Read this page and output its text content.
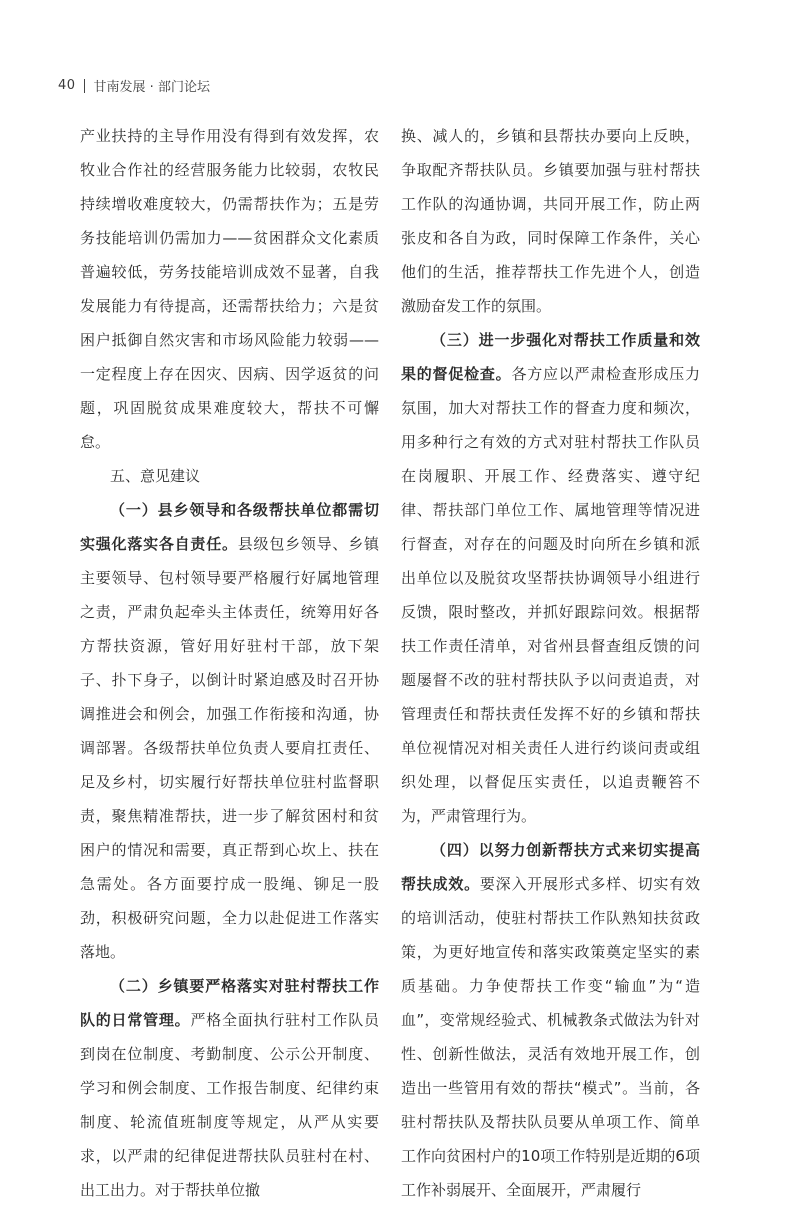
40 甘南发展 · 部门论坛

产业扶持的主导作用没有得到有效发挥，农牧业合作社的经营服务能力比较弱，农牧民持续增收难度较大，仍需帮扶作为；五是劳务技能培训仍需加力——贫困群众文化素质普遍较低，劳务技能培训成效不显著，自我发展能力有待提高，还需帮扶给力；六是贫困户抵御自然灾害和市场风险能力较弱——一定程度上存在因灾、因病、因学返贫的问题，巩固脱贫成果难度较大，帮扶不可懈怠。

五、意见建议

（一）县乡领导和各级帮扶单位都需切实强化落实各自责任。县级包乡领导、乡镇主要领导、包村领导要严格履行好属地管理之责，严肃负起牵头主体责任，统筹用好各方帮扶资源，管好用好驻村干部，放下架子、扑下身子，以倒计时紧迫感及时召开协调推进会和例会，加强工作衔接和沟通，协调部署。各级帮扶单位负责人要肩扛责任、足及乡村，切实履行好帮扶单位驻村监督职责，聚焦精准帮扶，进一步了解贫困村和贫困户的情况和需要，真正帮到心坎上、扶在急需处。各方面要拧成一股绳、铆足一股劲，积极研究问题，全力以赴促进工作落实落地。

（二）乡镇要严格落实对驻村帮扶工作队的日常管理。严格全面执行驻村工作队员到岗在位制度、考勤制度、公示公开制度、学习和例会制度、工作报告制度、纪律约束制度、轮流值班制度等规定，从严从实要求，以严肃的纪律促进帮扶队员驻村在村、出工出力。对于帮扶单位撤

换、减人的，乡镇和县帮扶办要向上反映，争取配齐帮扶队员。乡镇要加强与驻村帮扶工作队的沟通协调，共同开展工作，防止两张皮和各自为政，同时保障工作条件，关心他们的生活，推荐帮扶工作先进个人，创造激励奋发工作的氛围。

（三）进一步强化对帮扶工作质量和效果的督促检查。各方应以严肃检查形成压力氛围，加大对帮扶工作的督查力度和频次，用多种行之有效的方式对驻村帮扶工作队员在岗履职、开展工作、经费落实、遵守纪律、帮扶部门单位工作、属地管理等情况进行督查，对存在的问题及时向所在乡镇和派出单位以及脱贫攻坚帮扶协调领导小组进行反馈，限时整改，并抓好跟踪问效。根据帮扶工作责任清单，对省州县督查组反馈的问题屡督不改的驻村帮扶队予以问责追责，对管理责任和帮扶责任发挥不好的乡镇和帮扶单位视情况对相关责任人进行约谈问责或组织处理，以督促压实责任，以追责鞭笞不为，严肃管理行为。

（四）以努力创新帮扶方式来切实提高帮扶成效。要深入开展形式多样、切实有效的培训活动，使驻村帮扶工作队熟知扶贫政策，为更好地宣传和落实政策奠定坚实的素质基础。力争使帮扶工作变“输血”为“造血”，变常规经验式、机械教条式做法为针对性、创新性做法，灵活有效地开展工作，创造出一些管用有效的帮扶“模式”。当前，各驻村帮扶队及帮扶队员要从单项工作、简单工作向贫困村户的10项工作特别是近期的6项工作补弱展开、全面展开，严肃履行
